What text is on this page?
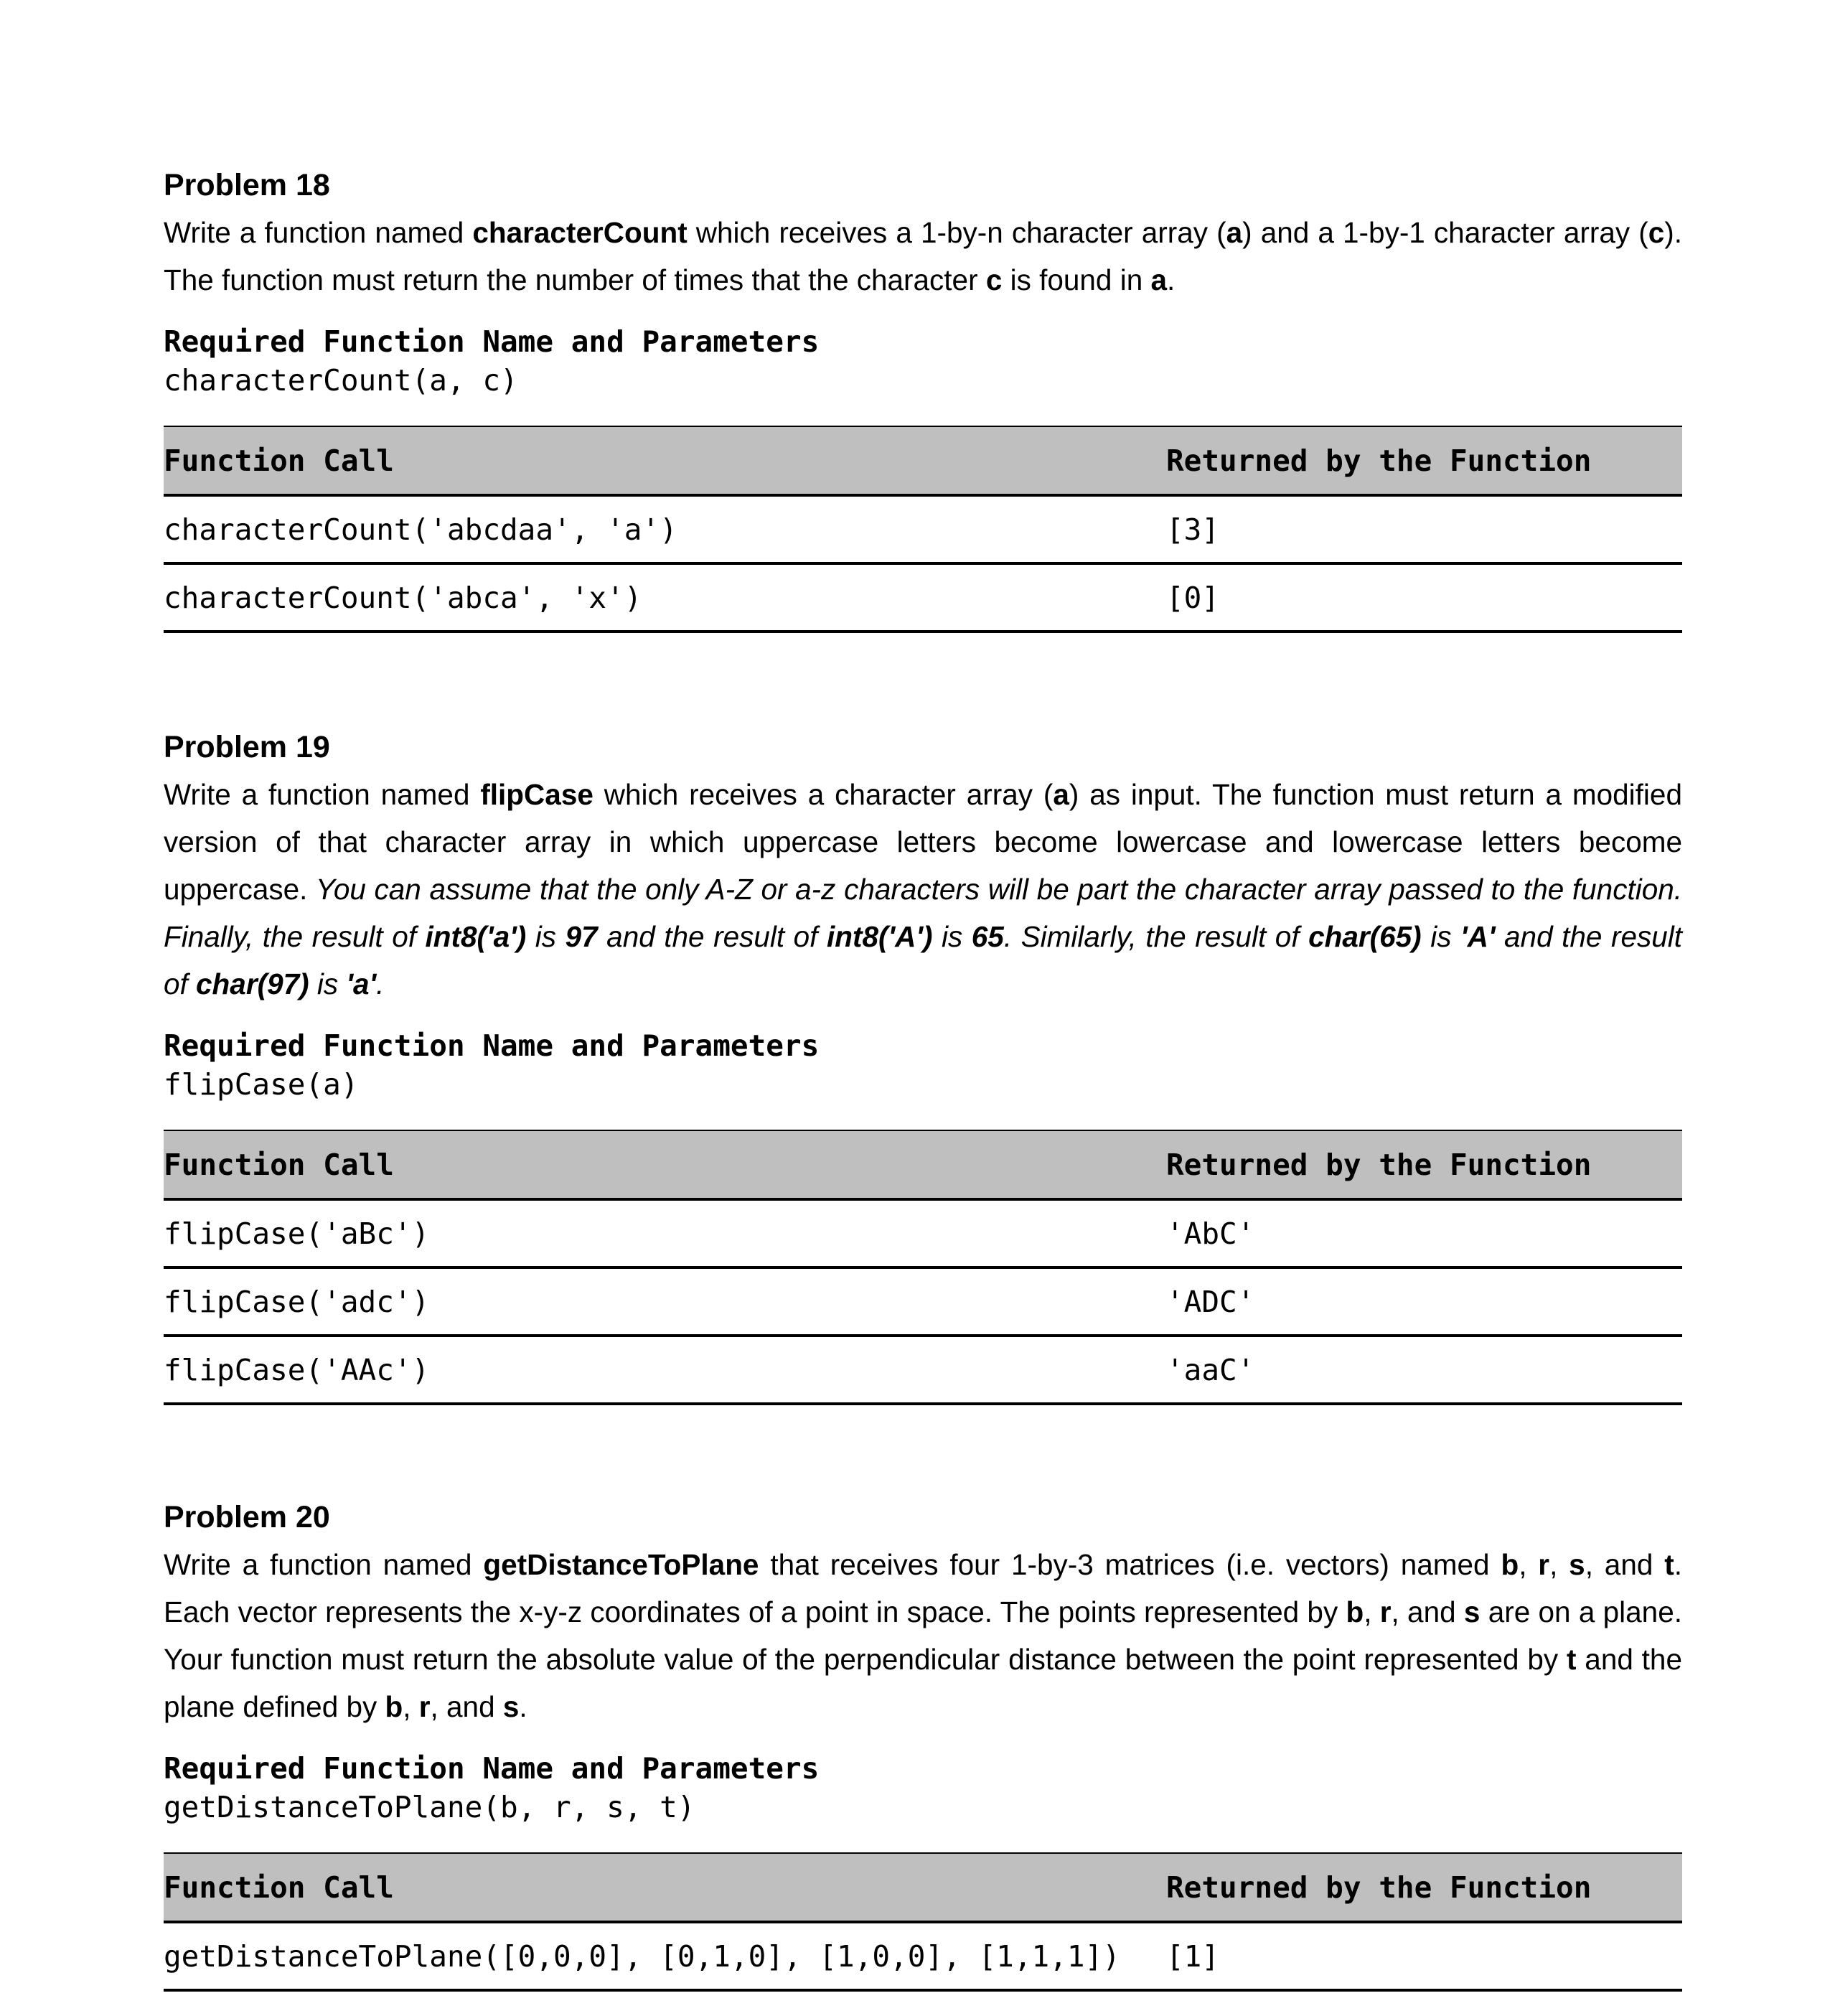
Problem 18
Write a function named characterCount which receives a 1-by-n character array (a) and a 1-by-1 character array (c). The function must return the number of times that the character c is found in a.
Required Function Name and Parameters
characterCount(a, c)
Function Call	Returned by the Function
characterCount('abcdaa', 'a')	[3]
characterCount('abca', 'x')	[0]
Problem 19
Write a function named flipCase which receives a character array (a) as input. The function must return a modified version of that character array in which uppercase letters become lowercase and lowercase letters become uppercase. You can assume that the only A-Z or a-z characters will be part the character array passed to the function. Finally, the result of int8('a') is 97 and the result of int8('A') is 65. Similarly, the result of char(65) is 'A' and the result of char(97) is 'a'.
Required Function Name and Parameters
flipCase(a)
Function Call	Returned by the Function
flipCase('aBc')	'AbC'
flipCase('adc')	'ADC'
flipCase('AAc')	'aaC'
Problem 20
Write a function named getDistanceToPlane that receives four 1-by-3 matrices (i.e. vectors) named b, r, s, and t. Each vector represents the x-y-z coordinates of a point in space. The points represented by b, r, and s are on a plane. Your function must return the absolute value of the perpendicular distance between the point represented by t and the plane defined by b, r, and s.
Required Function Name and Parameters
getDistanceToPlane(b, r, s, t)
Function Call	Returned by the Function
getDistanceToPlane([0,0,0], [0,1,0], [1,0,0], [1,1,1])	[1]
